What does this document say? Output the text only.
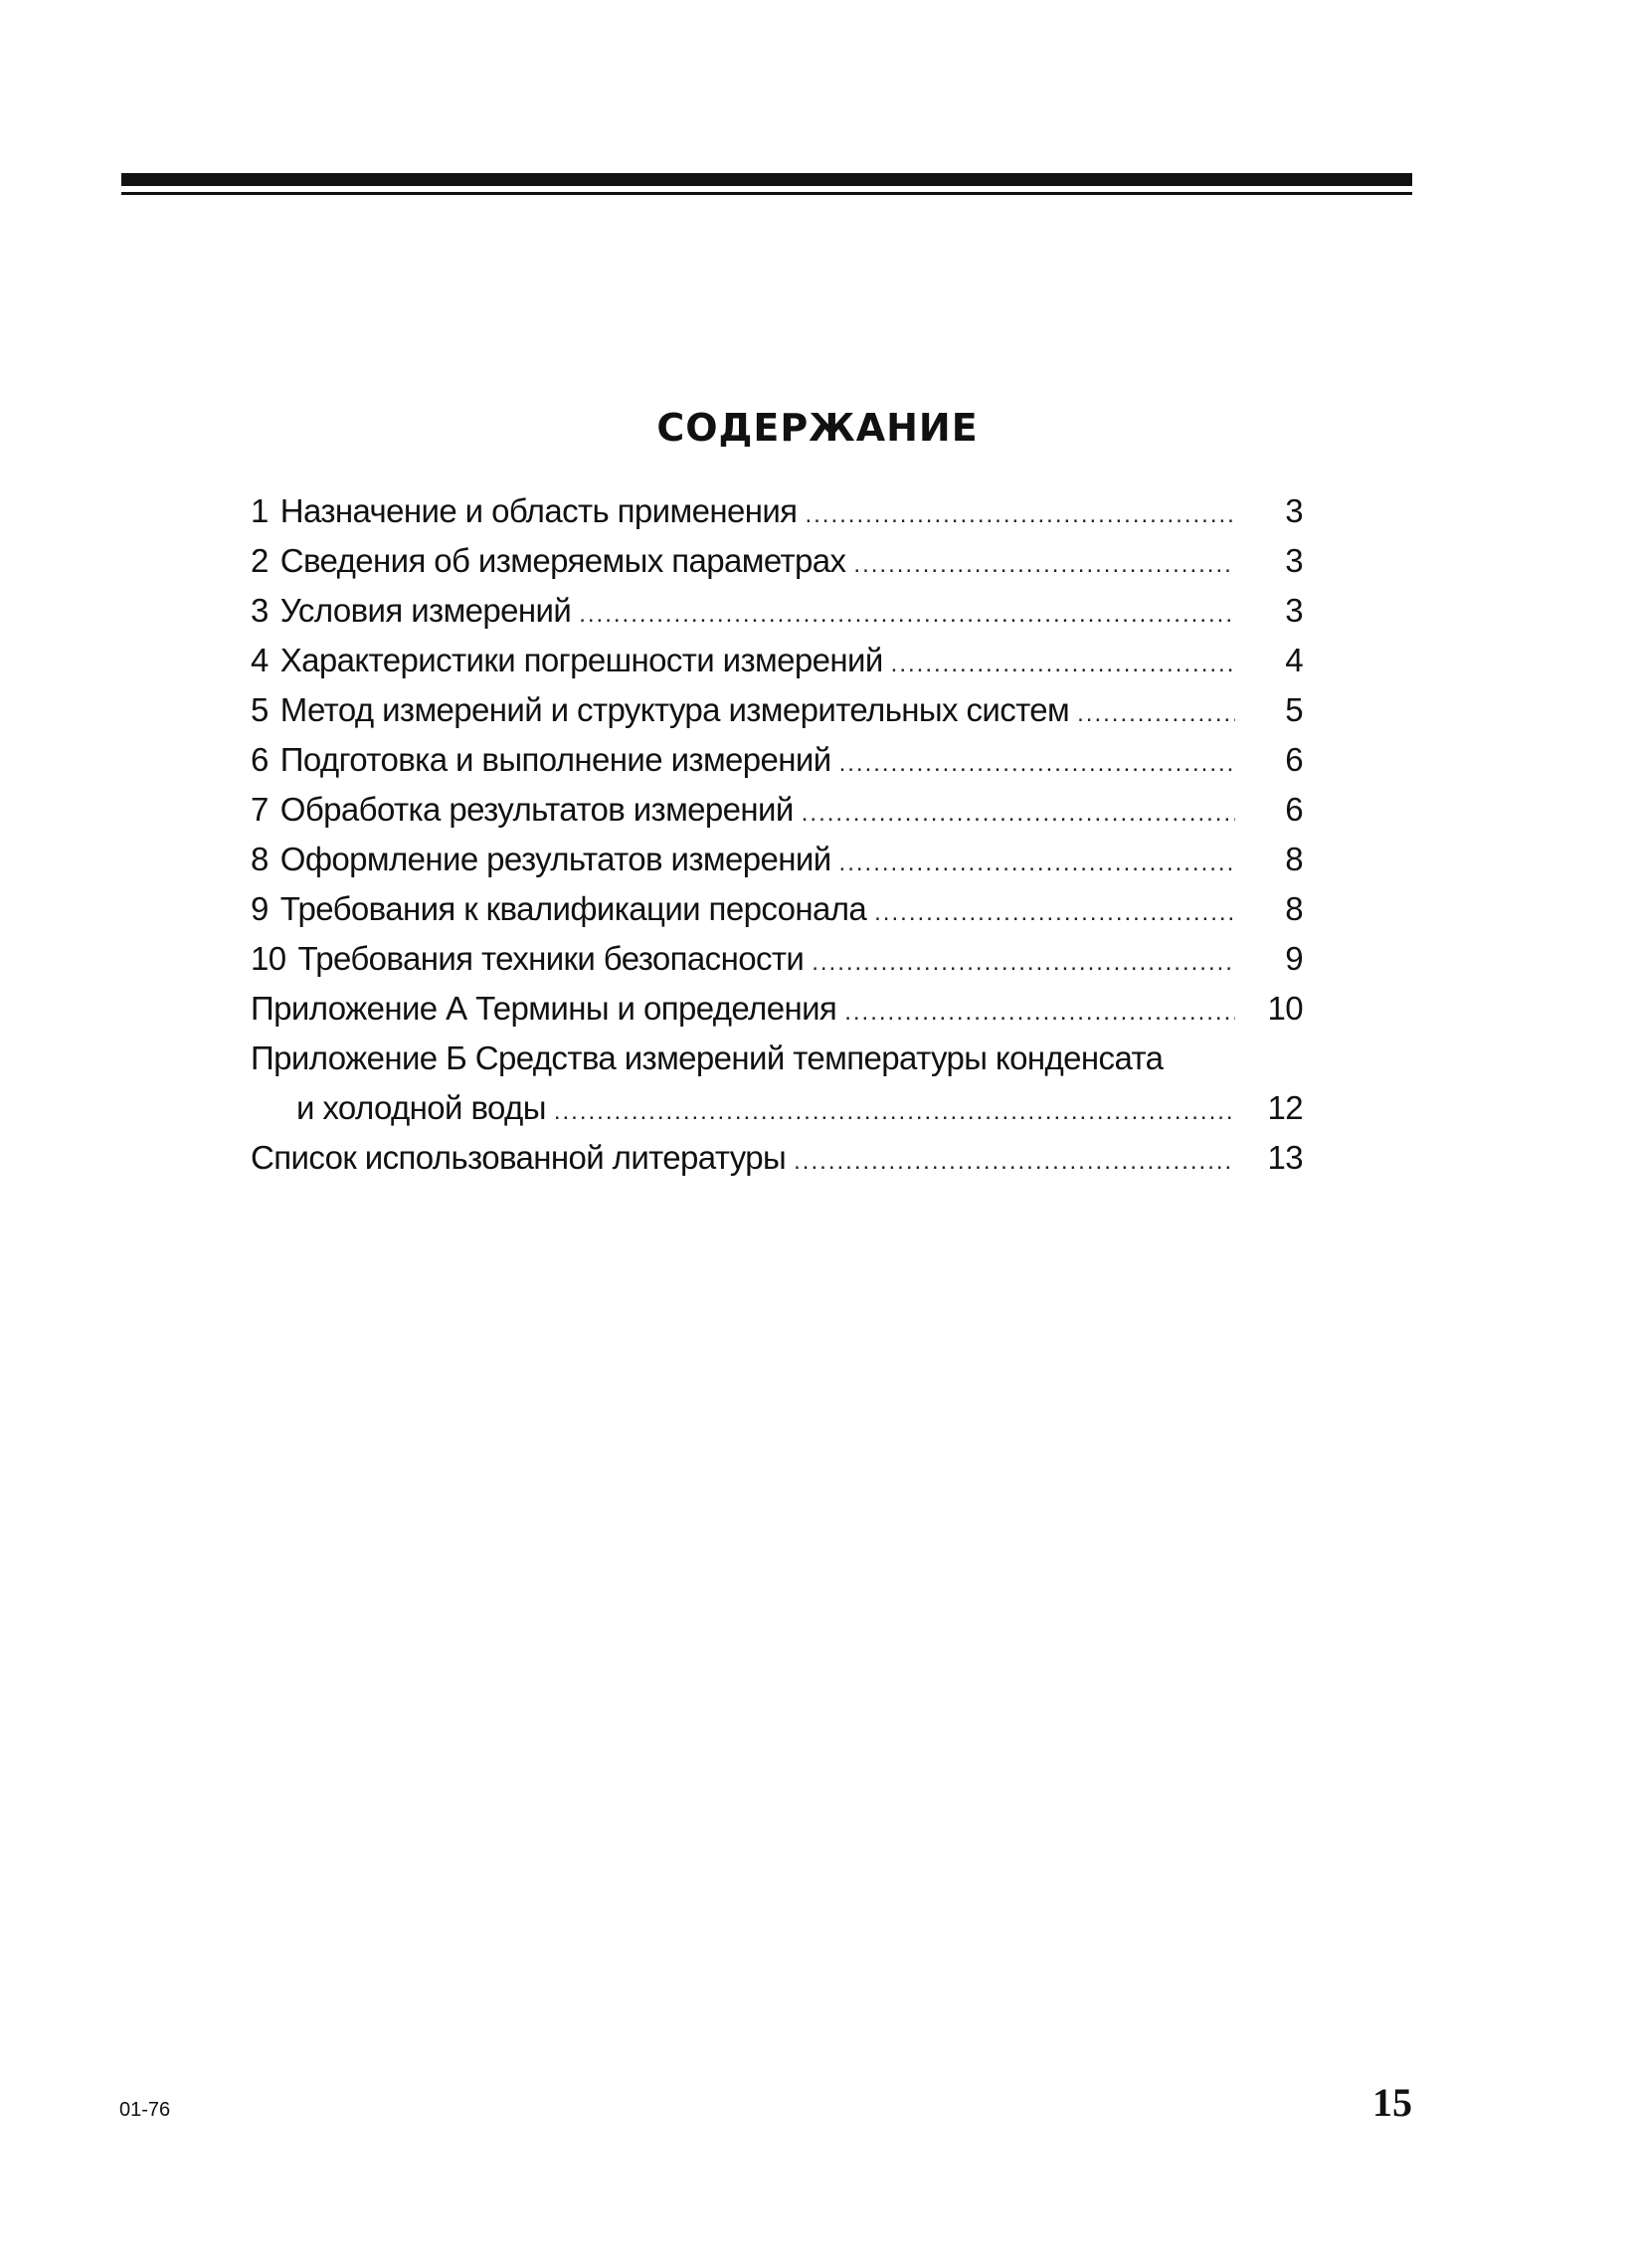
СОДЕРЖАНИЕ
1 Назначение и область применения .....	3
2 Сведения об измеряемых параметрах .....	3
3 Условия измерений .....	3
4 Характеристики погрешности измерений .....	4
5 Метод измерений и структура измерительных систем .....	5
6 Подготовка и выполнение измерений .....	6
7 Обработка результатов измерений .....	6
8 Оформление результатов измерений .....	8
9 Требования к квалификации персонала .....	8
10 Требования техники безопасности .....	9
Приложение А Термины и определения .....	10
Приложение Б Средства измерений температуры конденсата
и холодной воды .....	12
Список использованной литературы .....	13
01-76	15
